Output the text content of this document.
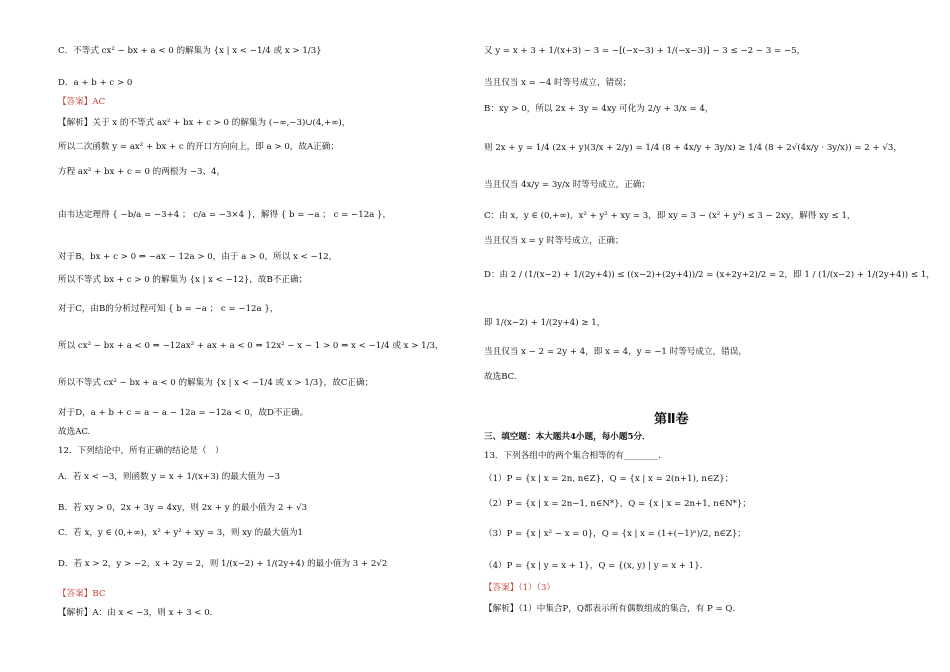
C．不等式 cx² − bx + a < 0 的解集为 {x | x < −1/4 或 x > 1/3}
D．a + b + c > 0
【答案】AC
【解析】关于 x 的不等式 ax² + bx + c > 0 的解集为 (−∞,−3)∪(4,+∞)，
所以二次函数 y = ax² + bx + c 的开口方向向上，即 a > 0，故A正确；
方程 ax² + bx + c = 0 的两根为 −3、4，
由韦达定理得 { −b/a = −3+4 ； c/a = −3×4 }，解得 { b = −a ； c = −12a }，
对于B，bx + c > 0 ⇔ −ax − 12a > 0，由于 a > 0，所以 x < −12，
所以不等式 bx + c > 0 的解集为 {x | x < −12}，故B不正确；
对于C，由B的分析过程可知 { b = −a ； c = −12a }，
所以 cx² − bx + a < 0 ⇔ −12ax² + ax + a < 0 ⇔ 12x² − x − 1 > 0 ⇔ x < −1/4 或 x > 1/3，
所以不等式 cx² − bx + a < 0 的解集为 {x | x < −1/4 或 x > 1/3}，故C正确；
对于D，a + b + c = a − a − 12a = −12a < 0，故D不正确。
故选AC.
12．下列结论中，所有正确的结论是（　）
A．若 x < −3，则函数 y = x + 1/(x+3) 的最大值为 −3
B．若 xy > 0，2x + 3y = 4xy，则 2x + y 的最小值为 2 + √3
C．若 x，y ∈ (0,+∞)，x² + y² + xy = 3，则 xy 的最大值为1
D．若 x > 2，y > −2，x + 2y = 2，则 1/(x−2) + 1/(2y+4) 的最小值为 3 + 2√2
【答案】BC
【解析】A：由 x < −3，则 x + 3 < 0．
又 y = x + 3 + 1/(x+3) − 3 = −[(−x−3) + 1/(−x−3)] − 3 ≤ −2 − 3 = −5，
当且仅当 x = −4 时等号成立，错误；
B：xy > 0，所以 2x + 3y = 4xy 可化为 2/y + 3/x = 4，
则 2x + y = 1/4 (2x + y)(3/x + 2/y) = 1/4 (8 + 4x/y + 3y/x) ≥ 1/4 (8 + 2√(4x/y · 3y/x)) = 2 + √3，
当且仅当 4x/y = 3y/x 时等号成立，正确；
C：由 x，y ∈ (0,+∞)，x² + y² + xy = 3，即 xy = 3 − (x² + y²) ≤ 3 − 2xy，解得 xy ≤ 1，
当且仅当 x = y 时等号成立，正确；
D：由 2 / (1/(x−2) + 1/(2y+4)) ≤ ((x−2)+(2y+4))/2 = (x+2y+2)/2 = 2，即 1 / (1/(x−2) + 1/(2y+4)) ≤ 1，
即 1/(x−2) + 1/(2y+4) ≥ 1，
当且仅当 x − 2 = 2y + 4，即 x = 4，y = −1 时等号成立，错误，
故选BC.
第Ⅱ卷
三、填空题：本大题共4小题，每小题5分．
13．下列各组中的两个集合相等的有________．
（1）P = {x | x = 2n, n∈Z}，Q = {x | x = 2(n+1), n∈Z}；
（2）P = {x | x = 2n−1, n∈N*}，Q = {x | x = 2n+1, n∈N*}；
（3）P = {x | x² − x = 0}，Q = {x | x = (1+(−1)ⁿ)/2, n∈Z}；
（4）P = {x | y = x + 1}，Q = {(x, y) | y = x + 1}．
【答案】（1）（3）
【解析】（1）中集合P，Q都表示所有偶数组成的集合，有 P = Q．
